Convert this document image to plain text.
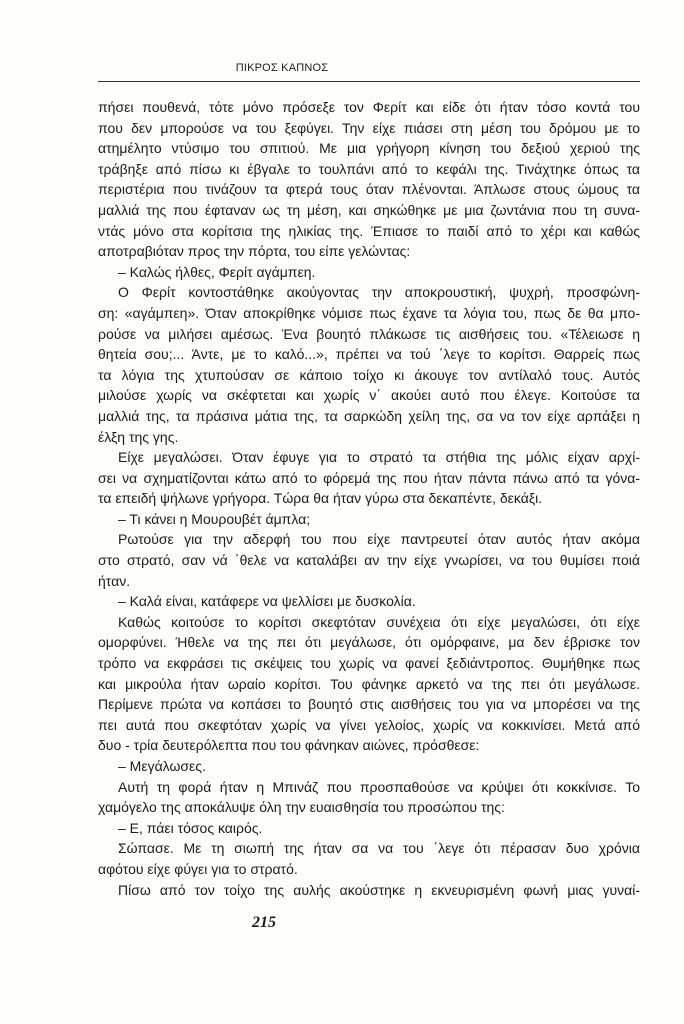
ΠΙΚΡΟΣ ΚΑΠΝΟΣ
πήσει πουθενά, τότε μόνο πρόσεξε τον Φερίτ και είδε ότι ήταν τόσο κοντά του
που δεν μπορούσε να του ξεφύγει. Την είχε πιάσει στη μέση του δρόμου με το
ατημέλητο ντύσιμο του σπιτιού. Με μια γρήγορη κίνηση του δεξιού χεριού της
τράβηξε από πίσω κι έβγαλε το τουλπάνι από το κεφάλι της. Τινάχτηκε όπως τα
περιστέρια που τινάζουν τα φτερά τους όταν πλένονται. Άπλωσε στους ώμους τα
μαλλιά της που έφταναν ως τη μέση, και σηκώθηκε με μια ζωντάνια που τη συνα-
ντάς μόνο στα κορίτσια της ηλικίας της. Έπιασε το παιδί από το χέρι και καθώς
αποτραβιόταν προς την πόρτα, του είπε γελώντας:
– Καλώς ήλθες, Φερίτ αγάμπεη.
Ο Φερίτ κοντοστάθηκε ακούγοντας την αποκρουστική, ψυχρή, προσφώνη-
ση: «αγάμπεη». Όταν αποκρίθηκε νόμισε πως έχανε τα λόγια του, πως δε θα μπο-
ρούσε να μιλήσει αμέσως. Ένα βουητό πλάκωσε τις αισθήσεις του. «Τέλειωσε η
θητεία σου;... Άντε, με το καλό...», πρέπει να τού ΄λεγε το κορίτσι. Θαρρείς πως
τα λόγια της χτυπούσαν σε κάποιο τοίχο κι άκουγε τον αντίλαλό τους. Αυτός
μιλούσε χωρίς να σκέφτεται και χωρίς ν΄ ακούει αυτό που έλεγε. Κοιτούσε τα
μαλλιά της, τα πράσινα μάτια της, τα σαρκώδη χείλη της, σα να τον είχε αρπάξει η
έλξη της γης.
Είχε μεγαλώσει. Όταν έφυγε για το στρατό τα στήθια της μόλις είχαν αρχί-
σει να σχηματίζονται κάτω από το φόρεμά της που ήταν πάντα πάνω από τα γόνα-
τα επειδή ψήλωνε γρήγορα. Τώρα θα ήταν γύρω στα δεκαπέντε, δεκάξι.
– Τι κάνει η Μουρουβέτ άμπλα;
Ρωτούσε για την αδερφή του που είχε παντρευτεί όταν αυτός ήταν ακόμα
στο στρατό, σαν νά ΄θελε να καταλάβει αν την είχε γνωρίσει, να του θυμίσει ποιά
ήταν.
– Καλά είναι, κατάφερε να ψελλίσει με δυσκολία.
Καθώς κοιτούσε το κορίτσι σκεφτόταν συνέχεια ότι είχε μεγαλώσει, ότι είχε
ομορφύνει. Ήθελε να της πει ότι μεγάλωσε, ότι ομόρφαινε, μα δεν έβρισκε τον
τρόπο να εκφράσει τις σκέψεις του χωρίς να φανεί ξεδιάντροπος. Θυμήθηκε πως
και μικρούλα ήταν ωραίο κορίτσι. Του φάνηκε αρκετό να της πει ότι μεγάλωσε.
Περίμενε πρώτα να κοπάσει το βουητό στις αισθήσεις του για να μπορέσει να της
πει αυτά που σκεφτόταν χωρίς να γίνει γελοίος, χωρίς να κοκκινίσει. Μετά από
δυο - τρία δευτερόλεπτα που του φάνηκαν αιώνες, πρόσθεσε:
– Μεγάλωσες.
Αυτή τη φορά ήταν η Μπινάζ που προσπαθούσε να κρύψει ότι κοκκίνισε. Το
χαμόγελο της αποκάλυψε όλη την ευαισθησία του προσώπου της:
– Ε, πάει τόσος καιρός.
Σώπασε. Με τη σιωπή της ήταν σα να του ΄λεγε ότι πέρασαν δυο χρόνια
αφότου είχε φύγει για το στρατό.
Πίσω από τον τοίχο της αυλής ακούστηκε η εκνευρισμένη φωνή μιας γυναί-
215
